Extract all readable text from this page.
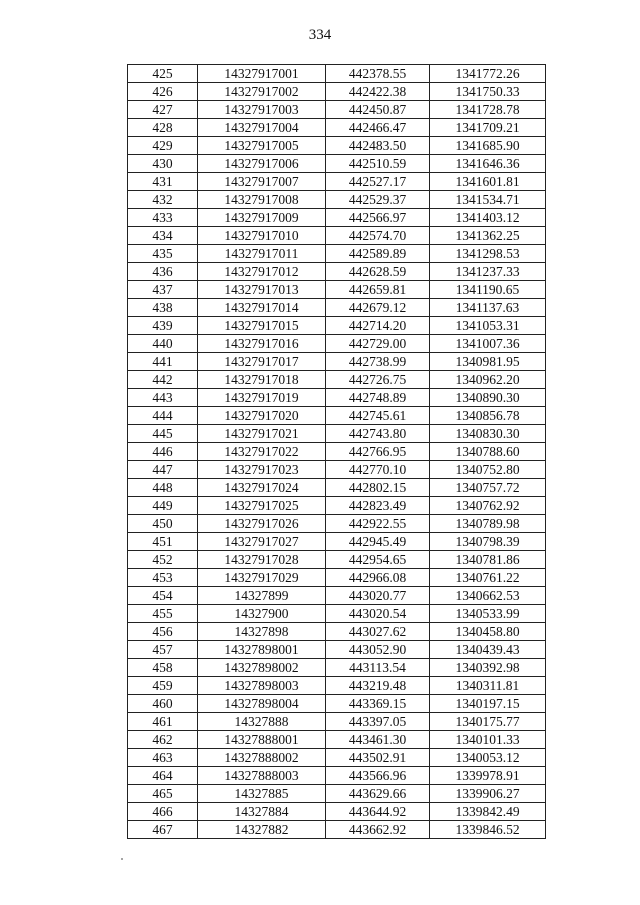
334
425	14327917001	442378.55	1341772.26
426	14327917002	442422.38	1341750.33
427	14327917003	442450.87	1341728.78
428	14327917004	442466.47	1341709.21
429	14327917005	442483.50	1341685.90
430	14327917006	442510.59	1341646.36
431	14327917007	442527.17	1341601.81
432	14327917008	442529.37	1341534.71
433	14327917009	442566.97	1341403.12
434	14327917010	442574.70	1341362.25
435	14327917011	442589.89	1341298.53
436	14327917012	442628.59	1341237.33
437	14327917013	442659.81	1341190.65
438	14327917014	442679.12	1341137.63
439	14327917015	442714.20	1341053.31
440	14327917016	442729.00	1341007.36
441	14327917017	442738.99	1340981.95
442	14327917018	442726.75	1340962.20
443	14327917019	442748.89	1340890.30
444	14327917020	442745.61	1340856.78
445	14327917021	442743.80	1340830.30
446	14327917022	442766.95	1340788.60
447	14327917023	442770.10	1340752.80
448	14327917024	442802.15	1340757.72
449	14327917025	442823.49	1340762.92
450	14327917026	442922.55	1340789.98
451	14327917027	442945.49	1340798.39
452	14327917028	442954.65	1340781.86
453	14327917029	442966.08	1340761.22
454	14327899	443020.77	1340662.53
455	14327900	443020.54	1340533.99
456	14327898	443027.62	1340458.80
457	14327898001	443052.90	1340439.43
458	14327898002	443113.54	1340392.98
459	14327898003	443219.48	1340311.81
460	14327898004	443369.15	1340197.15
461	14327888	443397.05	1340175.77
462	14327888001	443461.30	1340101.33
463	14327888002	443502.91	1340053.12
464	14327888003	443566.96	1339978.91
465	14327885	443629.66	1339906.27
466	14327884	443644.92	1339842.49
467	14327882	443662.92	1339846.52
